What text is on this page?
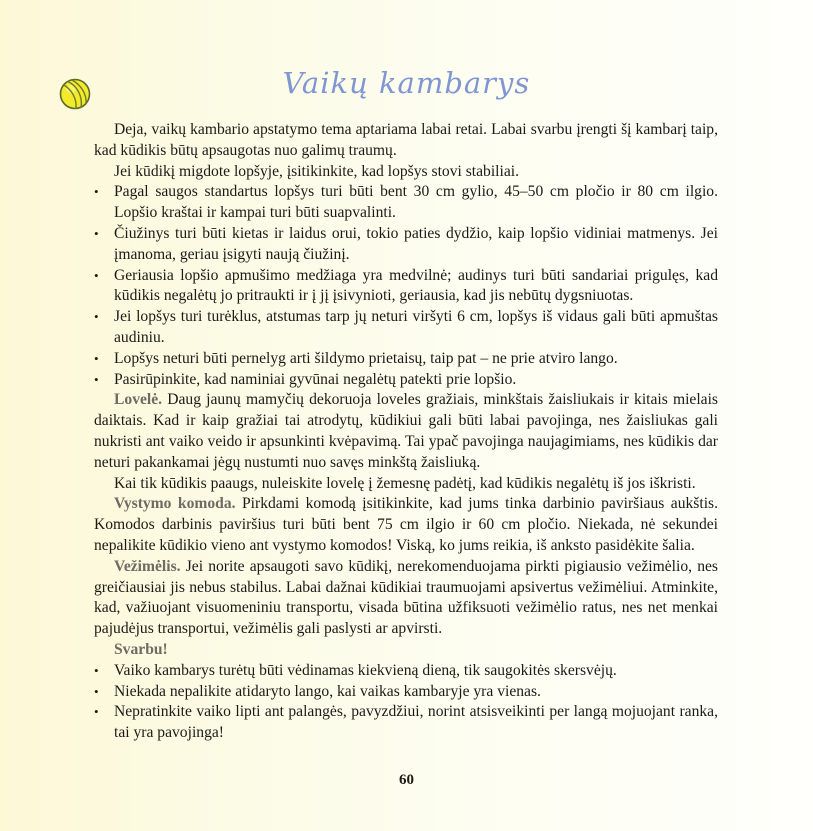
Vaikų kambarys

Deja, vaikų kambario apstatymo tema aptariama labai retai. Labai svarbu įrengti šį kambarį taip, kad kūdikis būtų apsaugotas nuo galimų traumų.

Jei kūdikį migdote lopšyje, įsitikinkite, kad lopšys stovi stabiliai.

• Pagal saugos standartus lopšys turi būti bent 30 cm gylio, 45–50 cm pločio ir 80 cm ilgio. Lopšio kraštai ir kampai turi būti suapvalinti.
• Čiužinys turi būti kietas ir laidus orui, tokio paties dydžio, kaip lopšio vidiniai matmenys. Jei įmanoma, geriau įsigyti naują čiužinį.
• Geriausia lopšio apmušimo medžiaga yra medvilnė; audinys turi būti sandariai prigulęs, kad kūdikis negalėtų jo pritraukti ir į jį įsivynioti, geriausia, kad jis nebūtų dygsniuotas.
• Jei lopšys turi turėklus, atstumas tarp jų neturi viršyti 6 cm, lopšys iš vidaus gali būti apmuštas audiniu.
• Lopšys neturi būti pernelyg arti šildymo prietaisų, taip pat – ne prie atviro lango.
• Pasirūpinkite, kad naminiai gyvūnai negalėtų patekti prie lopšio.

Lovelė. Daug jaunų mamyčių dekoruoja loveles gražiais, minkštais žaisliukais ir kitais mielais daiktais. Kad ir kaip gražiai tai atrodytų, kūdikiui gali būti labai pavojinga, nes žaisliukas gali nukristi ant vaiko veido ir apsunkinti kvėpavimą. Tai ypač pavojinga naujagimiams, nes kūdikis dar neturi pakankamai jėgų nustumti nuo savęs minkštą žaisliuką.

Kai tik kūdikis paaugs, nuleiskite lovelę į žemesnę padėtį, kad kūdikis negalėtų iš jos iškristi.

Vystymo komoda. Pirkdami komodą įsitikinkite, kad jums tinka darbinio paviršiaus aukštis. Komodos darbinis paviršius turi būti bent 75 cm ilgio ir 60 cm pločio. Niekada, nė sekundei nepalikite kūdikio vieno ant vystymo komodos! Viską, ko jums reikia, iš anksto pasidėkite šalia.

Vežimėlis. Jei norite apsaugoti savo kūdikį, nerekomenduojama pirkti pigiausio vežimėlio, nes greičiausiai jis nebus stabilus. Labai dažnai kūdikiai traumuojami apsivertus vežimėliui. Atminkite, kad, važiuojant visuomeniniu transportu, visada būtina užfiksuoti vežimėlio ratus, nes net menkai pajudėjus transportui, vežimėlis gali paslysti ar apvirsti.

Svarbu!

• Vaiko kambarys turėtų būti vėdinamas kiekvieną dieną, tik saugokitės skersvėjų.
• Niekada nepalikite atidaryto lango, kai vaikas kambaryje yra vienas.
• Nepratinkite vaiko lipti ant palangės, pavyzdžiui, norint atsisveikinti per langą mojuojant ranka, tai yra pavojinga!
60
